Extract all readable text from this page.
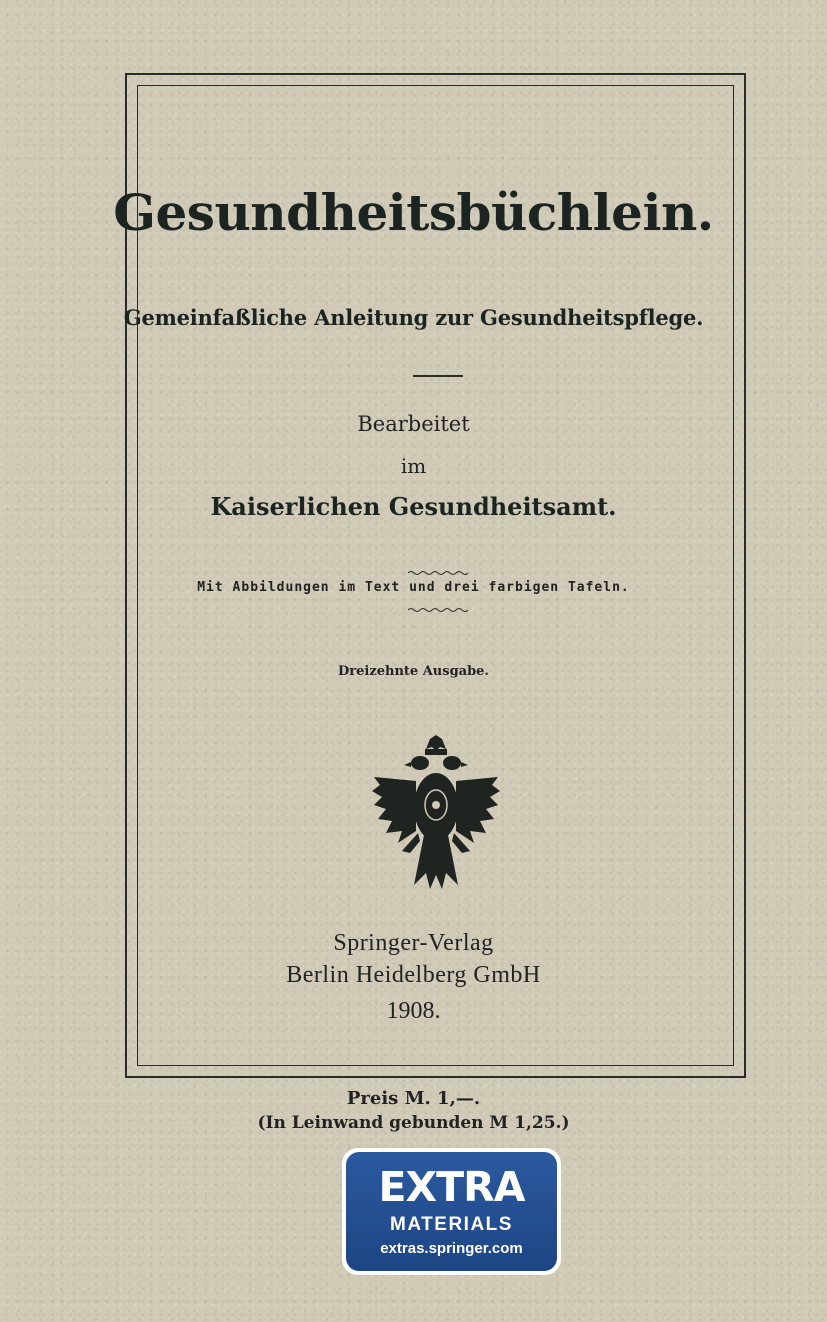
Gesundheitsbüchlein.
Gemeinfaßliche Anleitung zur Gesundheitspflege.
Bearbeitet
im
Kaiserlichen Gesundheitsamt.
Mit Abbildungen im Text und drei farbigen Tafeln.
Dreizehnte Ausgabe.
Springer-Verlag
Berlin Heidelberg GmbH
1908.
Preis M. 1,—.
(In Leinwand gebunden M 1,25.)
EXTRA
MATERIALS
extras.springer.com
